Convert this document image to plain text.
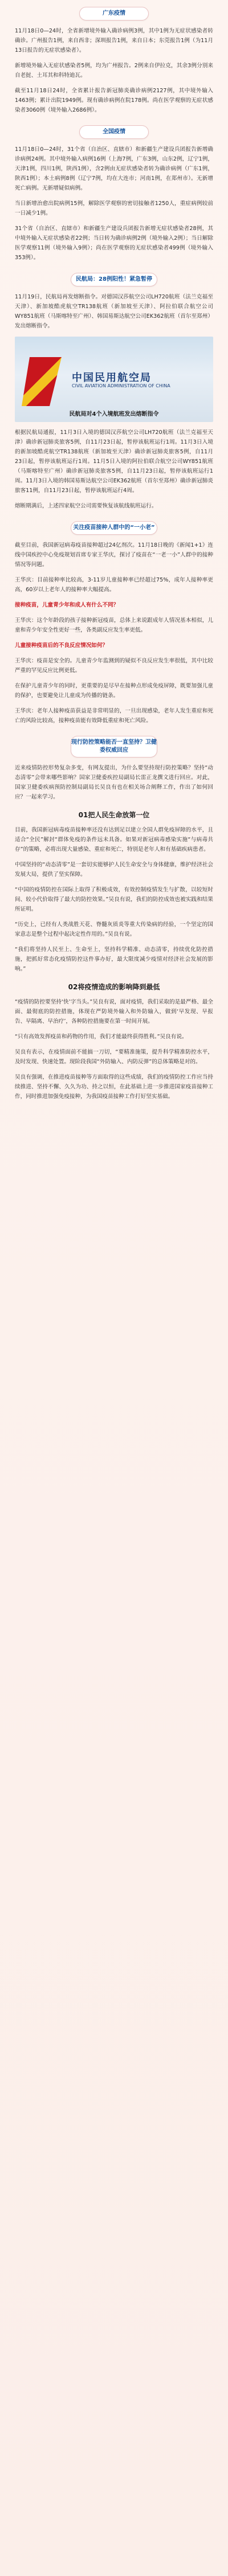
广东疫情

11月18日0—24时，全省新增境外输入确诊病例3例，其中1例为无症状感染者转确诊。广州报告1例，来自西非；深圳报告1例，来自日本；东莞报告1例（为11月13日报告的无症状感染者）。

新增境外输入无症状感染者5例，均为广州报告。2例来自伊拉克，其余3例分别来自老挝、土耳其和科特迪瓦。

截至11月18日24时，全省累计报告新冠肺炎确诊病例2127例，其中境外输入1463例；累计出院1949例。现有确诊病例在院178例。尚在医学观察的无症状感染者3060例（境外输入2686例）。

全国疫情

11月18日0—24时，31个省（自治区、直辖市）和新疆生产建设兵团报告新增确诊病例24例。其中境外输入病例16例（上海7例，广东3例，山东2例，辽宁1例，天津1例，四川1例，陕西1例），含2例由无症状感染者转为确诊病例（广东1例，陕西1例）；本土病例8例（辽宁7例，均在大连市；河南1例，在郑州市）。无新增死亡病例。无新增疑似病例。

当日新增治愈出院病例15例，解除医学观察的密切接触者1250人，重症病例较前一日减少1例。

31个省（自治区、直辖市）和新疆生产建设兵团报告新增无症状感染者28例，其中境外输入无症状感染者22例；当日转为确诊病例2例（境外输入2例）；当日解除医学观察11例（境外输入9例）；尚在医学观察的无症状感染者499例（境外输入353例）。

民航局：28例阳性！紧急暂停

11月19日，民航局再发熔断指令。对德国汉莎航空公司LH720航班（法兰克福至天津）、新加坡酷虎航空TR138航班（新加坡至天津）、阿拉伯联合航空公司WY851航班（马斯喀特至广州）、韩国易斯达航空公司EK362航班（首尔至郑州）发出熔断指令。

中国民用航空局
CIVIL AVIATION ADMINISTRATION OF CHINA
民航局对4个入境航班发出熔断指令

根据民航局通报，11月3日入境的德国汉莎航空公司LH720航班（法兰克福至天津）确诊新冠肺炎旅客5例，自11月23日起，暂停该航班运行1周。11月3日入境的新加坡酷虎航空TR138航班（新加坡至天津）确诊新冠肺炎旅客5例，自11月23日起，暂停该航班运行1周。11月5日入境的阿拉伯联合航空公司WY851航班（马斯喀特至广州）确诊新冠肺炎旅客5例，自11月23日起，暂停该航班运行1周。11月3日入境的韩国易斯达航空公司EK362航班（首尔至郑州）确诊新冠肺炎旅客11例，自11月23日起，暂停该航班运行4周。

熔断期满后，上述四家航空公司需要恢复该航线航班运行。

关注疫苗接种人群中的“一小老”

截至目前，我国新冠病毒疫苗接种超过24亿剂次。11月18日晚的《新闻1+1》连线中国疾控中心免疫规划首席专家王华庆，探讨了疫苗在“一老一小”人群中的接种情况等问题。

王华庆：目前接种率比较高，3-11岁儿童接种率已经超过75%，成年人接种率更高，60岁以上老年人的接种率大幅提高。

接种疫苗，儿童青少年和成人有什么不同？

王华庆：这个年龄段的孩子接种新冠疫苗，总体上来说跟成年人情况基本相似，儿童和青少年安全性更好一些，各类副反应发生率更低。

儿童接种疫苗后的不良反应情况如何？

王华庆：疫苗是安全的。儿童青少年监测到的疑似不良反应发生率很低，其中比较严重的罕见反应比例更低。

在保护儿童青少年的同时，更重要的是尽早在接种点形成免疫屏障，既要加强儿童的保护，也要避免让儿童成为传播的链条。

王华庆：老年人接种疫苗获益是非常明显的，一旦出现感染，老年人发生重症和死亡的风险比较高，接种疫苗能有效降低重症和死亡风险。

现行防控策略能否一直坚持？卫健委权威回应

近来疫情防控形势复杂多变，有网友提出，为什么要坚持现行防控策略？坚持“动态清零”会带来哪些影响？国家卫健委疾控局副局长雷正龙撰文进行回应。对此，国家卫健委疾病预防控制局副局长吴良有也在相关场合阐释工作，作出了如何回应？一起来学习。

01把人民生命放第一位

目前，我国新冠病毒疫苗接种率还没有达到足以建立全国人群免疫屏障的水平，且适合“全民”解封“群体免疫的条件远未具备。如果对新冠病毒感染实施“与病毒共存”的策略，必将出现大量感染、重症和死亡，特别是老年人和有基础疾病患者。

中国坚持的“动态清零”是一套切实能够护人民生命安全与身体健康，维护经济社会发展大局，提供了坚实保障。

“中国的疫情防控在国际上取得了积极成效，有效控制疫情发生与扩散，以较短时间、较小代价取得了最大的防控效果。”吴良有说，我们的防控成效也被实践和结果所证明。

“历史上，已经有人类战胜天花、脊髓灰质炎等重大传染病的经验，一个坚定的国家意志是整个过程中起决定性作用的。”吴良有说。

“我们将坚持人民至上、生命至上，坚持科学精准、动态清零，持续优化防控措施，把抓好常态化疫情防控这件事办好，最大限度减少疫情对经济社会发展的影响。”

02将疫情造成的影响降到最低

“疫情的防控要坚持‘快’字当头。”吴良有说，面对疫情，我们采取的是最严格、最全面、最彻底的防控措施，体现在严防境外输入和外防输入，做到‘早发现、早报告、早隔离、早治疗’，各种防控措施要在第一时间开展。

“只有高效发挥疫苗和药物的作用，我们才能最终获得胜利。”吴良有说。

吴良有表示，在疫情面前不能搞一刀切，“要精准施策，提升科学精准防控水平，及时发现、快速处置。现阶段我国“外防输入、内防反弹”的总体策略是对的。

吴良有强调，在推进疫苗接种等方面取得的这些成绩，我们的疫情防控工作应当持续推进、坚持不懈、久久为功、持之以恒，在此基础上进一步推进国家疫苗接种工作，同时推进加强免疫接种，为我国疫苗接种工作打好坚实基础。
